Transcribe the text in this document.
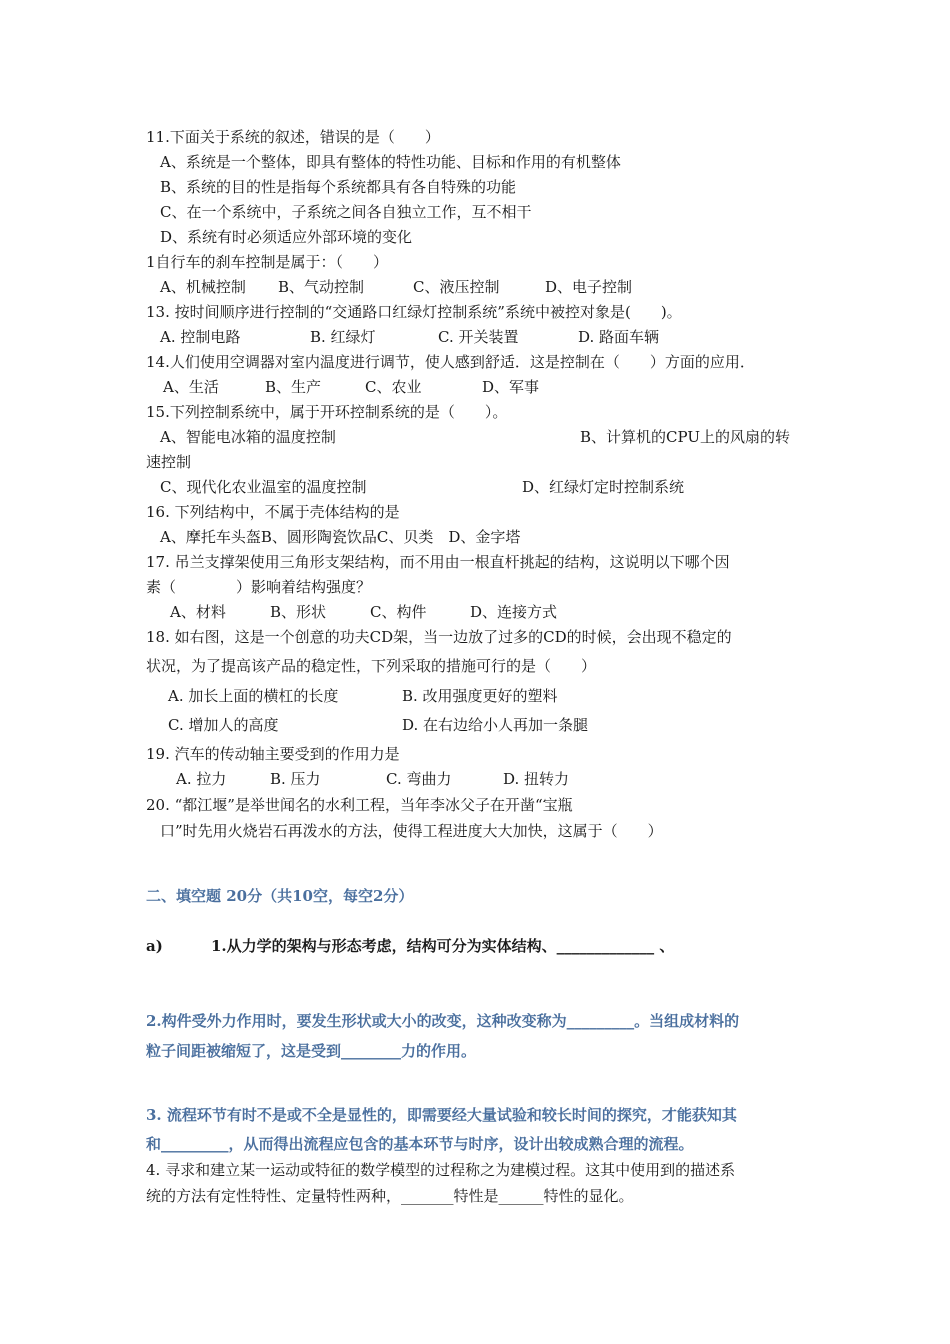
11.下面关于系统的叙述，错误的是（　　）
A、系统是一个整体，即具有整体的特性功能、目标和作用的有机整体
B、系统的目的性是指每个系统都具有各自特殊的功能
C、在一个系统中，子系统之间各自独立工作，互不相干
D、系统有时必须适应外部环境的变化
1自行车的刹车控制是属于：（　　）
A、机械控制 B、气动控制	C、液压控制	D、电子控制
13. 按时间顺序进行控制的“交通路口红绿灯控制系统”系统中被控对象是(　　)。
A. 控制电路	B. 红绿灯	C. 开关装置	D. 路面车辆
14.人们使用空调器对室内温度进行调节，使人感到舒适．这是控制在（　　）方面的应用．
A、生活	B、生产	C、农业	D、军事
15.下列控制系统中，属于开环控制系统的是（　　）。
A、智能电冰箱的温度控制	B、计算机的CPU上的风扇的转
速控制
C、现代化农业温室的温度控制	D、红绿灯定时控制系统
16. 下列结构中，不属于壳体结构的是
A、摩托车头盔B、圆形陶瓷饮品C、贝类　D、金字塔
17. 吊兰支撑架使用三角形支架结构，而不用由一根直杆挑起的结构，这说明以下哪个因
素（　　　　）影响着结构强度？
A、材料	B、形状	C、构件	D、连接方式
18. 如右图，这是一个创意的功夫CD架，当一边放了过多的CD的时候，会出现不稳定的
状况，为了提高该产品的稳定性，下列采取的措施可行的是（　　）
A. 加长上面的横杠的长度	B. 改用强度更好的塑料
C. 增加人的高度	D. 在右边给小人再加一条腿
19. 汽车的传动轴主要受到的作用力是
A. 拉力	B. 压力	C. 弯曲力	D. 扭转力
20. “都江堰”是举世闻名的水利工程，当年李冰父子在开凿“宝瓶
口”时先用火烧岩石再泼水的方法，使得工程进度大大加快，这属于（　　）
二、填空题 20分（共10空，每空2分）
a)	1.从力学的架构与形态考虑，结构可分为实体结构、_____________ 、
2.构件受外力作用时，要发生形状或大小的改变，这种改变称为_________。当组成材料的
粒子间距被缩短了，这是受到________力的作用。
3. 流程环节有时不是或不全是显性的，即需要经大量试验和较长时间的探究，才能获知其
和_________，从而得出流程应包含的基本环节与时序，设计出较成熟合理的流程。
4. 寻求和建立某一运动或特征的数学模型的过程称之为建模过程。这其中使用到的描述系
统的方法有定性特性、定量特性两种，_______特性是______特性的显化。
